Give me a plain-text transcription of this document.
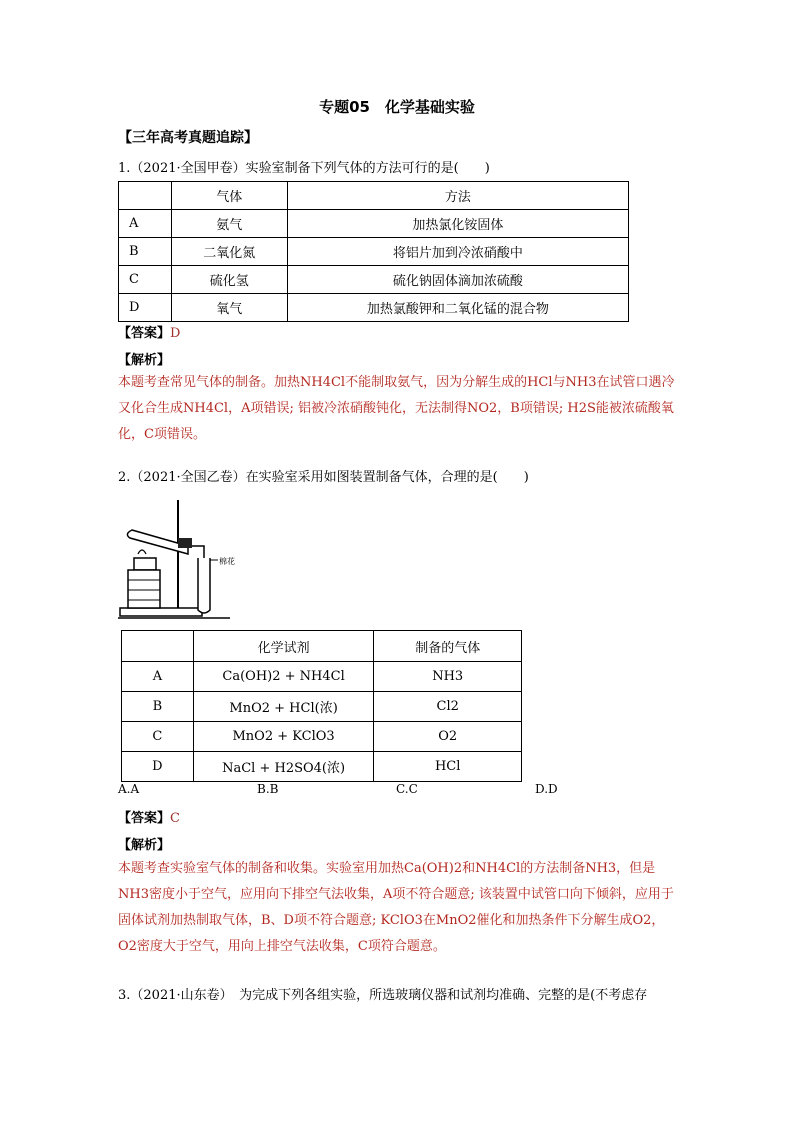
专题05　化学基础实验
【三年高考真题追踪】
1.（2021·全国甲卷）实验室制备下列气体的方法可行的是(　　)
	气体	方法
A	氨气	加热氯化铵固体
B	二氧化氮	将铝片加到冷浓硝酸中
C	硫化氢	硫化钠固体滴加浓硫酸
D	氧气	加热氯酸钾和二氧化锰的混合物
【答案】D
【解析】
本题考查常见气体的制备。加热NH4Cl不能制取氨气，因为分解生成的HCl与NH3在试管口遇冷又化合生成NH4Cl，A项错误; 铝被冷浓硝酸钝化，无法制得NO2，B项错误; H2S能被浓硫酸氧化，C项错误。
2.（2021·全国乙卷）在实验室采用如图装置制备气体，合理的是(　　)
棉花
	化学试剂	制备的气体
A	Ca(OH)2 + NH4Cl	NH3
B	MnO2 + HCl(浓)	Cl2
C	MnO2 + KClO3	O2
D	NaCl + H2SO4(浓)	HCl
A.A	B.B	C.C	D.D
【答案】C
【解析】
本题考查实验室气体的制备和收集。实验室用加热Ca(OH)2和NH4Cl的方法制备NH3，但是NH3密度小于空气，应用向下排空气法收集，A项不符合题意; 该装置中试管口向下倾斜，应用于固体试剂加热制取气体，B、D项不符合题意; KClO3在MnO2催化和加热条件下分解生成O2，O2密度大于空气，用向上排空气法收集，C项符合题意。
3.（2021·山东卷）　为完成下列各组实验，所选玻璃仪器和试剂均准确、完整的是(不考虑存
